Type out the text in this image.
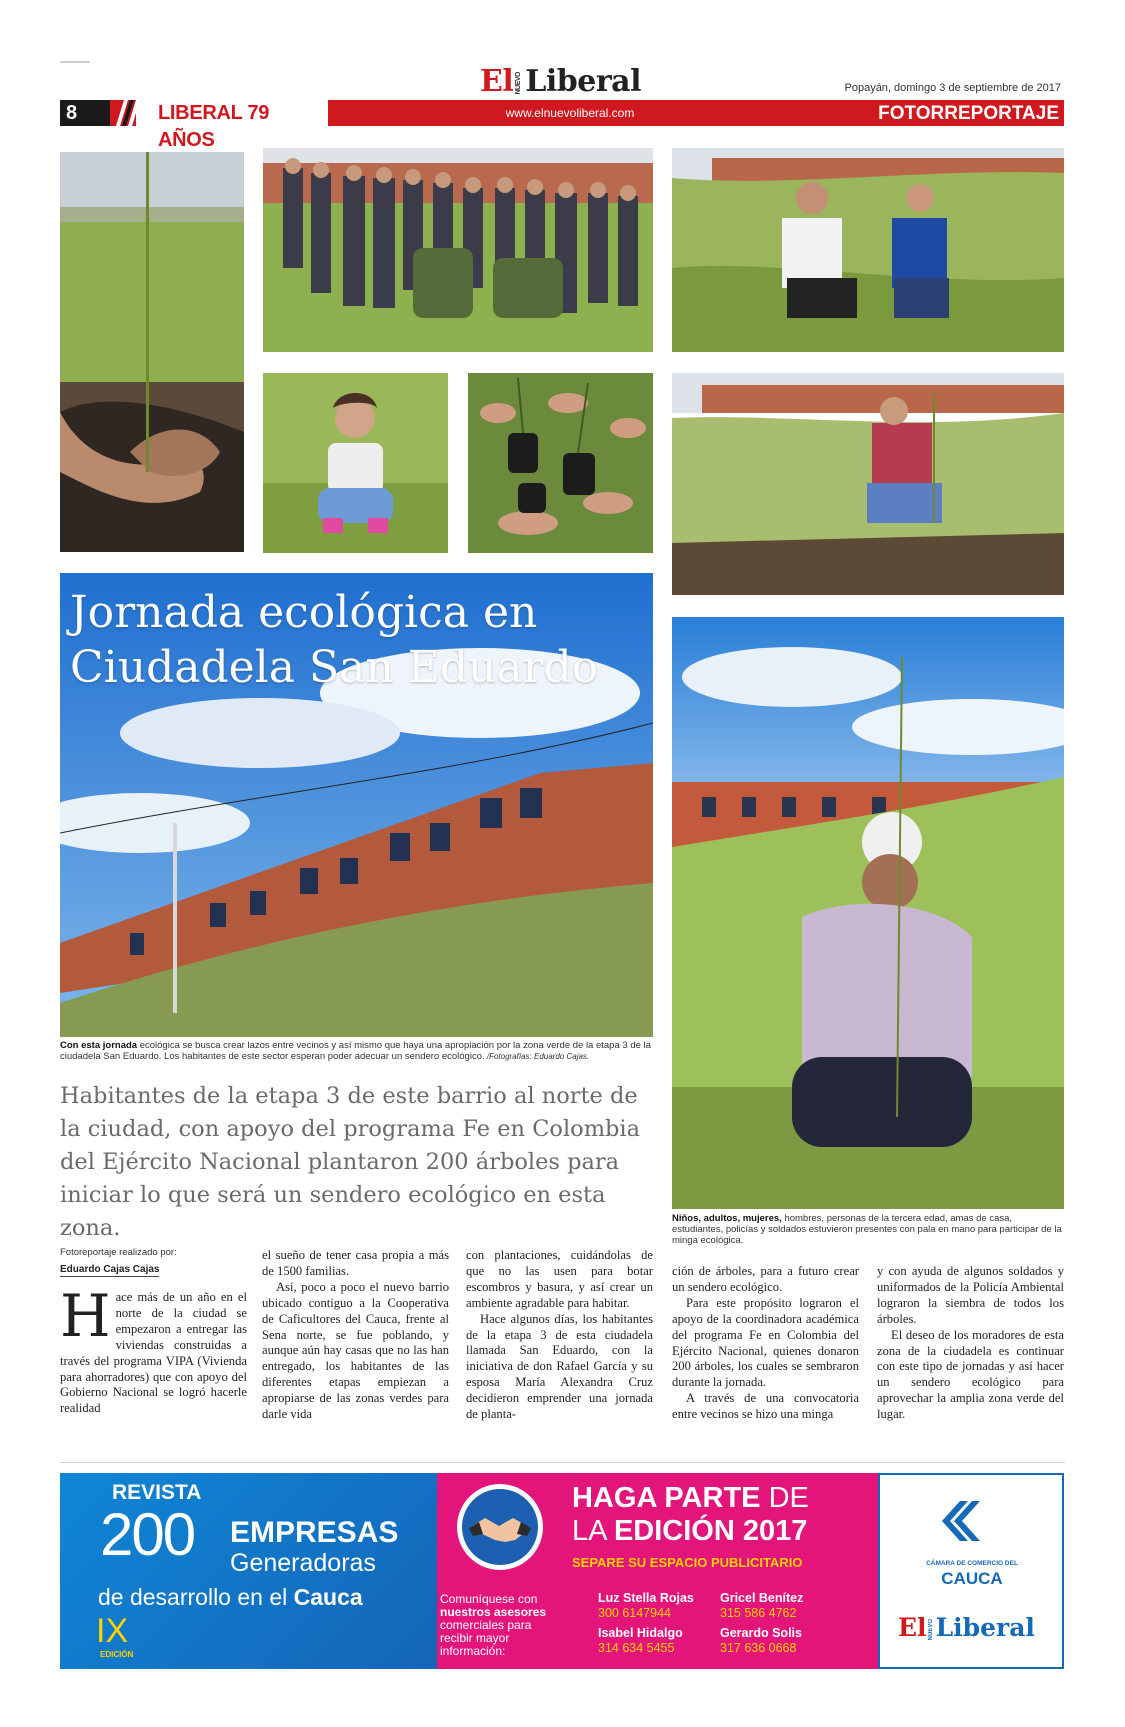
El NUEVO Liberal	Popayán, domingo 3 de septiembre de 2017
8	LIBERAL 79 AÑOS
www.elnuevoliberal.com	FOTORREPORTAJE
Jornada ecológica en
Ciudadela San Eduardo
Con esta jornada ecológica se busca crear lazos entre vecinos y así mismo que haya una apropiación por la zona verde de la etapa 3 de la ciudadela San Eduardo. Los habitantes de este sector esperan poder adecuar un sendero ecológico. /Fotografías: Eduardo Cajas.
Niños, adultos, mujeres, hombres, personas de la tercera edad, amas de casa, estudiantes, policías y soldados estuvieron presentes con pala en mano para participar de la minga ecológica.
Habitantes de la etapa 3 de este barrio al norte de la ciudad, con apoyo del programa Fe en Colombia del Ejército Nacional plantaron 200 árboles para iniciar lo que será un sendero ecológico en esta zona.
Fotoreportaje realizado por:
Eduardo Cajas Cajas

Hace más de un año en el norte de la ciudad se empezaron a entregar las viviendas construidas a través del programa VIPA (Vivienda para ahorradores) que con apoyo del Gobierno Nacional se logró hacerle realidad

el sueño de tener casa propia a más de 1500 familias.

Así, poco a poco el nuevo barrio ubicado contiguo a la Cooperativa de Caficultores del Cauca, frente al Sena norte, se fue poblando, y aunque aún hay casas que no las han entregado, los habitantes de las diferentes etapas empiezan a apropiarse de las zonas verdes para darle vida

con plantaciones, cuidándolas de que no las usen para botar escombros y basura, y así crear un ambiente agradable para habitar.

Hace algunos días, los habitantes de la etapa 3 de esta ciudadela llamada San Eduardo, con la iniciativa de don Rafael García y su esposa María Alexandra Cruz decidieron emprender una jornada de planta-

ción de árboles, para a futuro crear un sendero ecológico.

Para este propósito lograron el apoyo de la coordinadora académica del programa Fe en Colombia del Ejército Nacional, quienes donaron 200 árboles, los cuales se sembraron durante la jornada.

A través de una convocatoria entre vecinos se hizo una minga

y con ayuda de algunos soldados y uniformados de la Policía Ambiental lograron la siembra de todos los árboles.

El deseo de los moradores de esta zona de la ciudadela es continuar con este tipo de jornadas y así hacer un sendero ecológico para aprovechar la amplia zona verde del lugar.

REVISTA
200 EMPRESAS
Generadoras
de desarrollo en el Cauca
IX
EDICIÓN
HAGA PARTE DE
LA EDICIÓN 2017
SEPARE SU ESPACIO PUBLICITARIO
Comuníquese con
nuestros asesores
comerciales para
recibir mayor
información:
Luz Stella Rojas
300 6147944
Gricel Benítez
315 586 4762
Isabel Hidalgo
314 634 5455
Gerardo Solis
317 636 0668
CÁMARA DE COMERCIO DEL
CAUCA
ElNUEVOLiberal
